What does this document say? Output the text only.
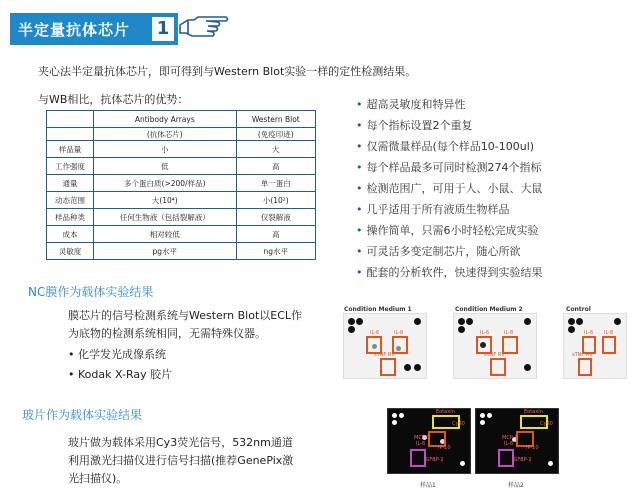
半定量抗体芯片 1
夹心法半定量抗体芯片，即可得到与Western Blot实验一样的定性检测结果。
与WB相比，抗体芯片的优势：
	Antibody Arrays	Western Blot
	(抗体芯片)	(免疫印迹)
样品量	小	大
工作强度	低	高
通量	多个蛋白质(>200/样品)	单一蛋白
动态范围	大(10⁴)	小(10²)
样品种类	任何生物液（包括裂解液）	仅裂解液
成本	相对较低	高
灵敏度	pg水平	ng水平
• 超高灵敏度和特异性
• 每个指标设置2个重复
• 仅需微量样品(每个样品10-100ul)
• 每个样品最多可同时检测274个指标
• 检测范围广，可用于人、小鼠、大鼠
• 几乎适用于所有液质生物样品
• 操作简单，只需6小时轻松完成实验
• 可灵活多变定制芯片，随心所欲
• 配套的分析软件，快速得到实验结果
NC膜作为载体实验结果
膜芯片的信号检测系统与Western Blot以ECL作
为底物的检测系统相同，无需特殊仪器。
• 化学发光成像系统
• Kodak X-Ray 胶片
Condition Medium 1	Condition Medium 2	Control
IL-6	IL-8
sTNF RII
IL-6	IL-8
sTNF RII
IL-6 IL-8
sTNF RII
玻片作为载体实验结果
玻片做为载体采用Cy3荧光信号，532nm通道
利用激光扫描仪进行信号扫描(推荐GenePix激
光扫描仪)。
Eotaxin
Cy40
MCP-1
IL-6
IP-10
IGFBP-2
Eotaxin
Cy40
MCP-1
IL-6
IP-10
IGFBP-2
样品1	样品2
